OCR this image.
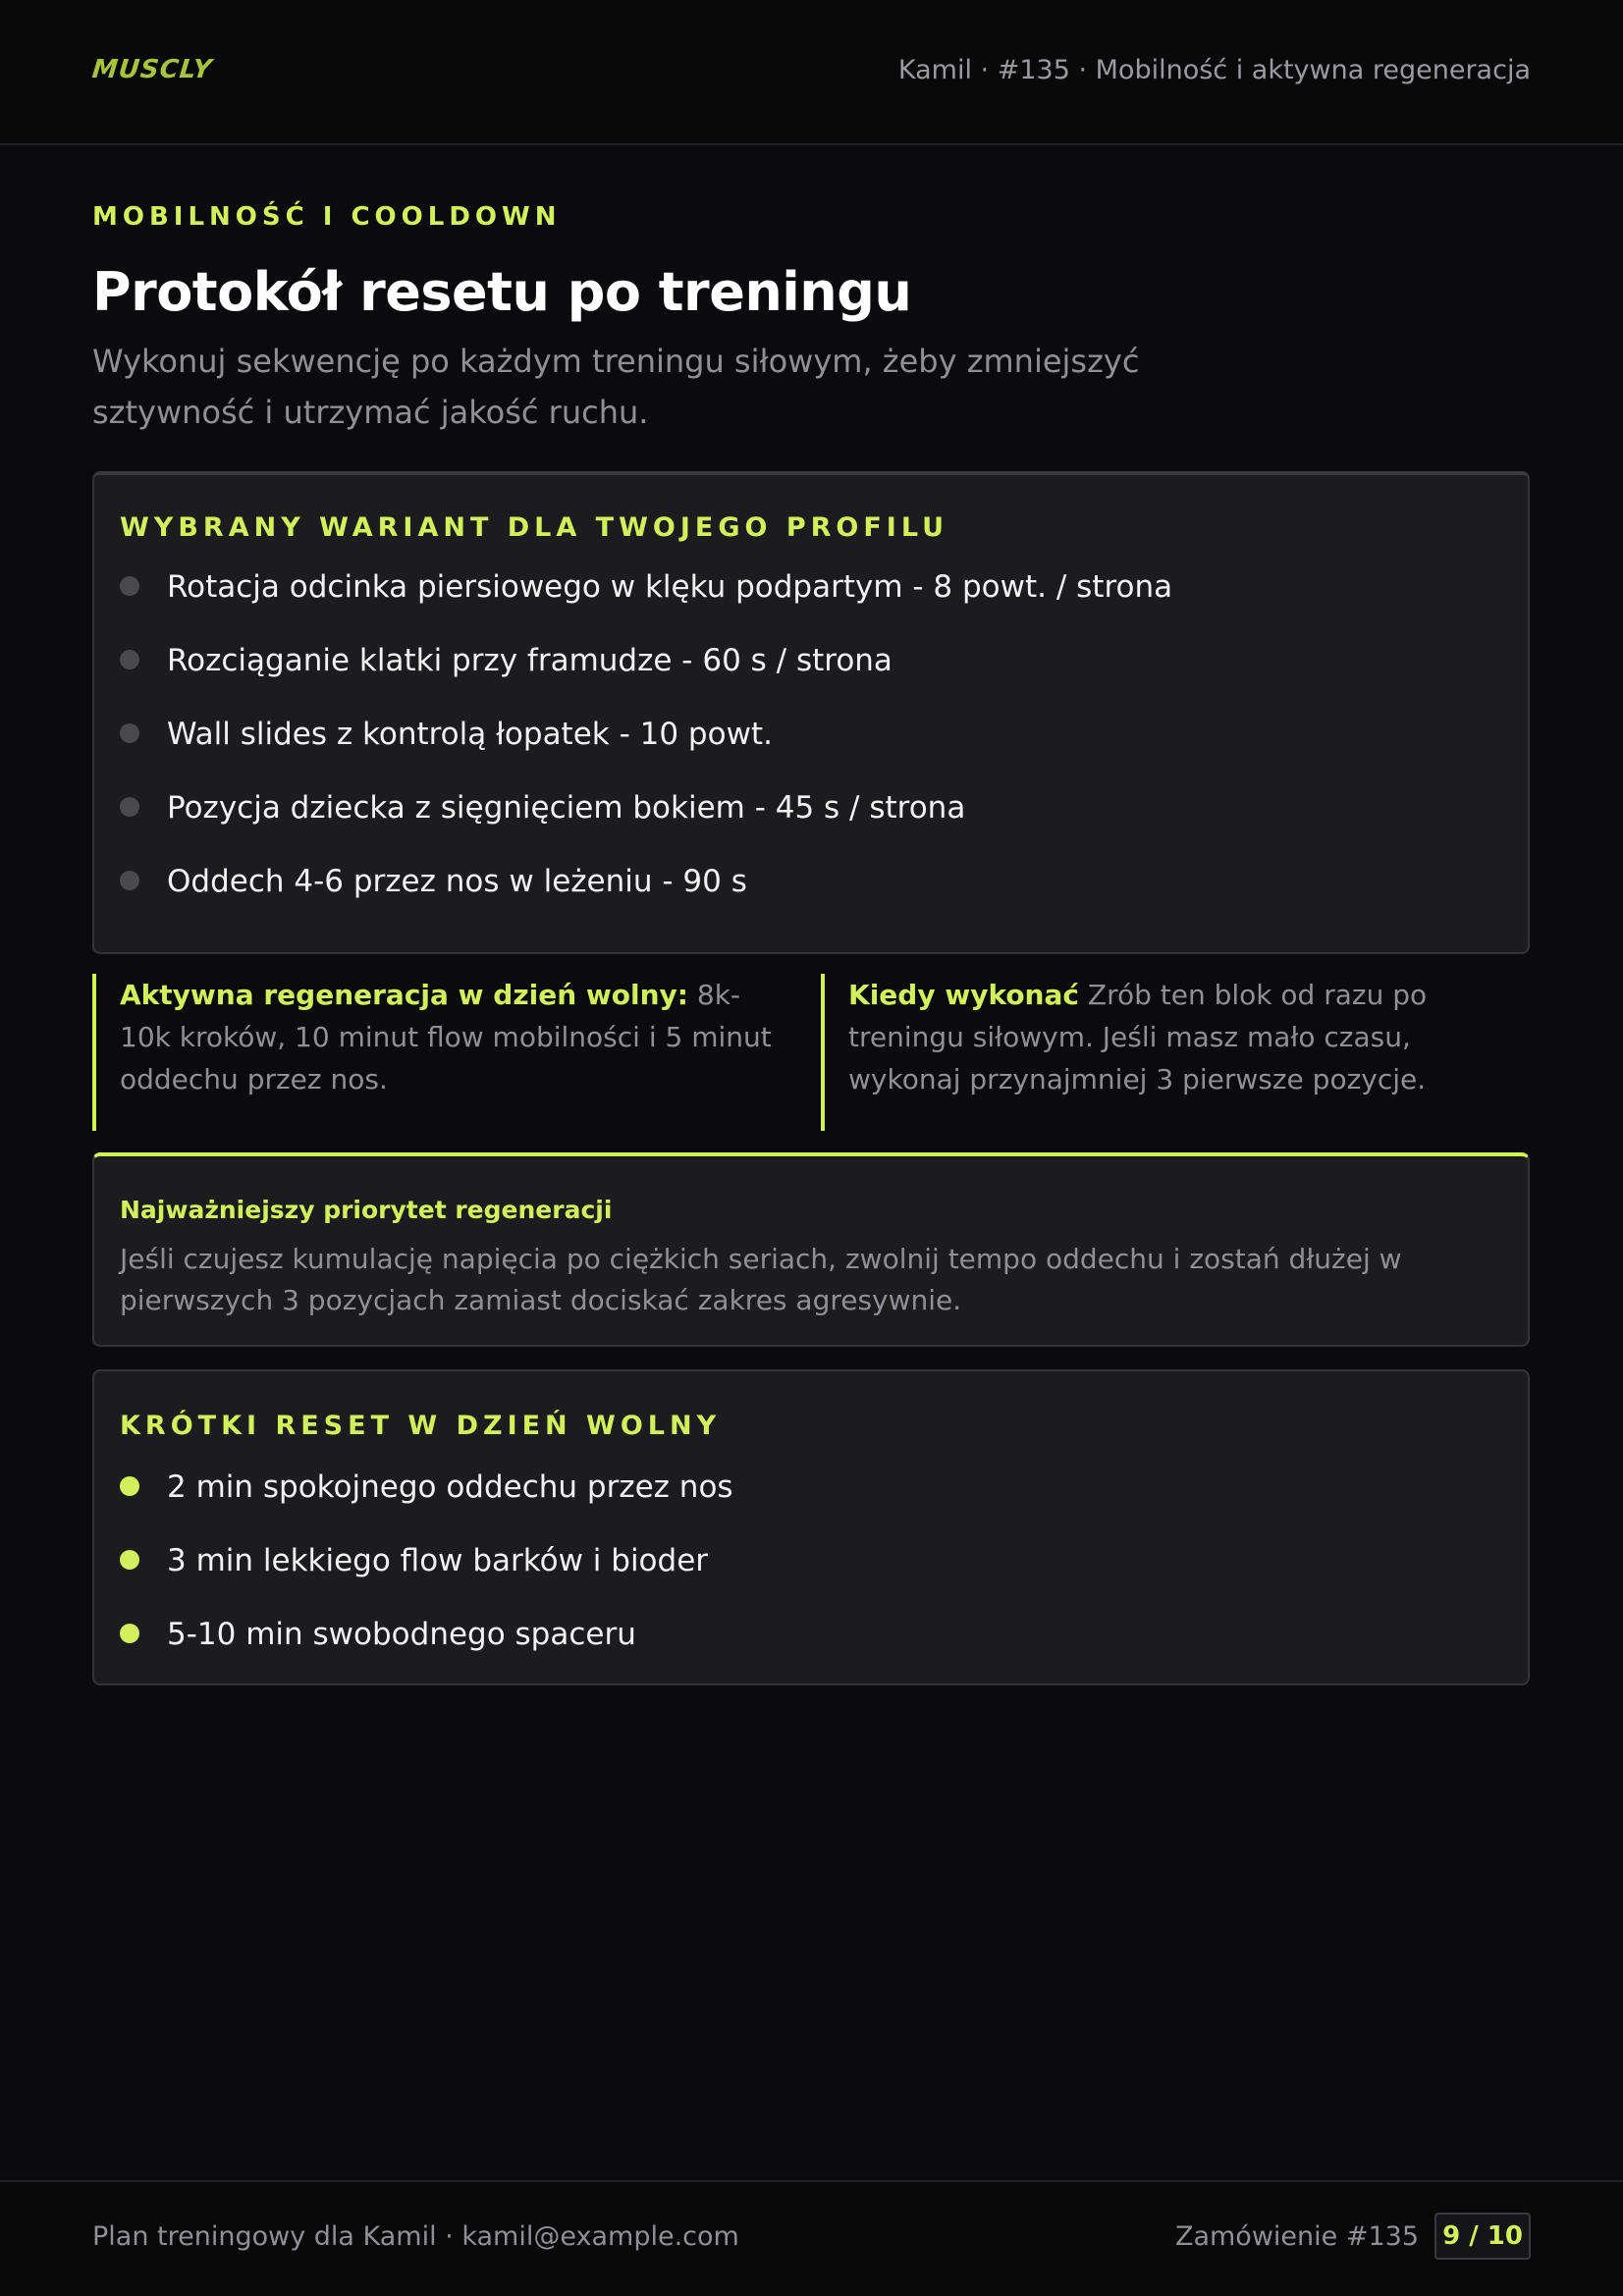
MUSCLY	Kamil · #135 · Mobilność i aktywna regeneracja
MOBILNOŚĆ I COOLDOWN
Protokół resetu po treningu
Wykonuj sekwencję po każdym treningu siłowym, żeby zmniejszyć sztywność i utrzymać jakość ruchu.
WYBRANY WARIANT DLA TWOJEGO PROFILU
Rotacja odcinka piersiowego w klęku podpartym - 8 powt. / strona
Rozciąganie klatki przy framudze - 60 s / strona
Wall slides z kontrolą łopatek - 10 powt.
Pozycja dziecka z sięgnięciem bokiem - 45 s / strona
Oddech 4-6 przez nos w leżeniu - 90 s
Aktywna regeneracja w dzień wolny: 8k-10k kroków, 10 minut flow mobilności i 5 minut oddechu przez nos.
Kiedy wykonać Zrób ten blok od razu po treningu siłowym. Jeśli masz mało czasu, wykonaj przynajmniej 3 pierwsze pozycje.
Najważniejszy priorytet regeneracji
Jeśli czujesz kumulację napięcia po ciężkich seriach, zwolnij tempo oddechu i zostań dłużej w pierwszych 3 pozycjach zamiast dociskać zakres agresywnie.
KRÓTKI RESET W DZIEŃ WOLNY
2 min spokojnego oddechu przez nos
3 min lekkiego flow barków i bioder
5-10 min swobodnego spaceru
Plan treningowy dla Kamil · kamil@example.com	Zamówienie #135 9 / 10
